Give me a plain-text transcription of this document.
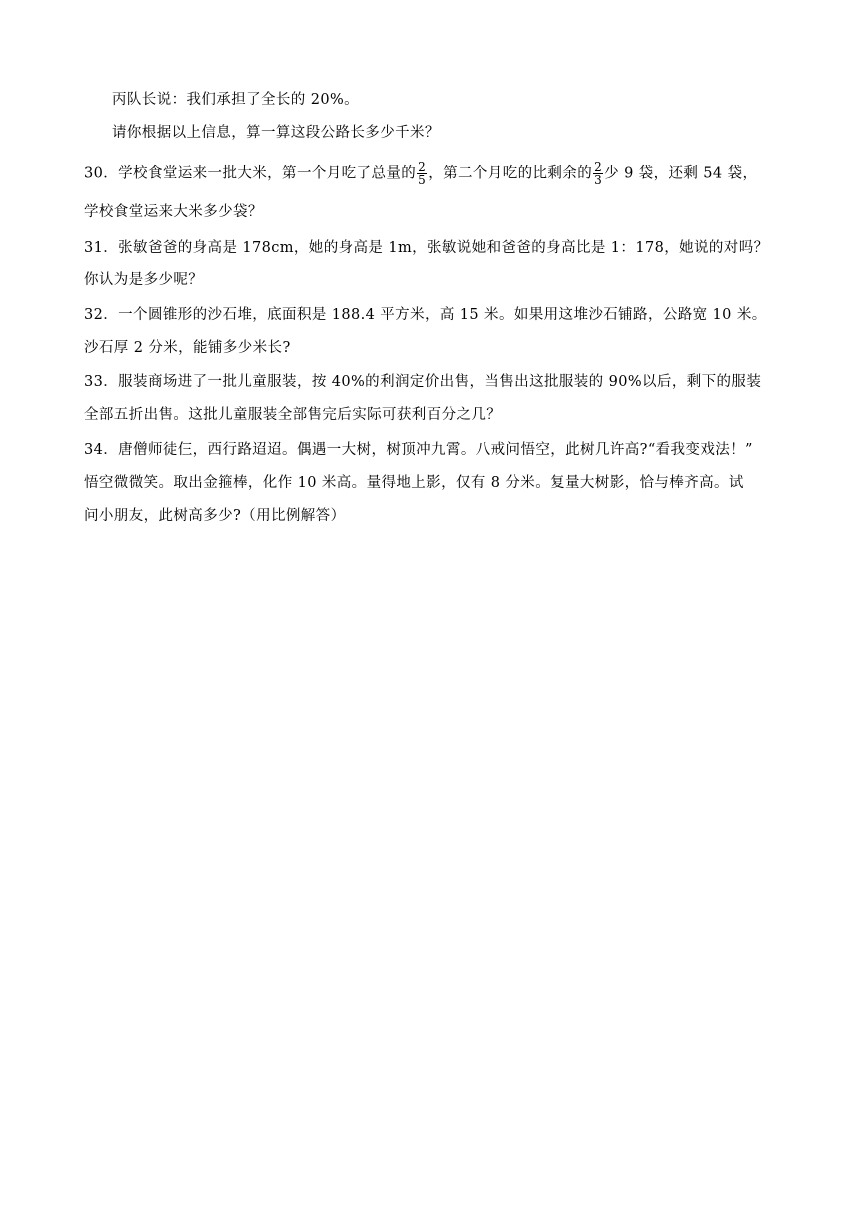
丙队长说：我们承担了全长的 20%。
请你根据以上信息，算一算这段公路长多少千米？
30．学校食堂运来一批大米，第一个月吃了总量的 $\frac{2}{5}$ ，第二个月吃的比剩余的 $\frac{2}{3}$ 少 9 袋，还剩 54 袋，
学校食堂运来大米多少袋？
31．张敏爸爸的身高是 178cm，她的身高是 1m，张敏说她和爸爸的身高比是 1：178，她说的对吗？
你认为是多少呢？
32．一个圆锥形的沙石堆，底面积是 188.4 平方米，高 15 米。如果用这堆沙石铺路，公路宽 10 米。
沙石厚 2 分米，能铺多少米长?
33．服装商场进了一批儿童服装，按 40%的利润定价出售，当售出这批服装的 90%以后，剩下的服装
全部五折出售。这批儿童服装全部售完后实际可获利百分之几？
34．唐僧师徒仨，西行路迢迢。偶遇一大树，树顶冲九霄。八戒问悟空，此树几许高?“看我变戏法！”
悟空微微笑。取出金箍棒，化作 10 米高。量得地上影，仅有 8 分米。复量大树影，恰与棒齐高。试
问小朋友，此树高多少?（用比例解答）
